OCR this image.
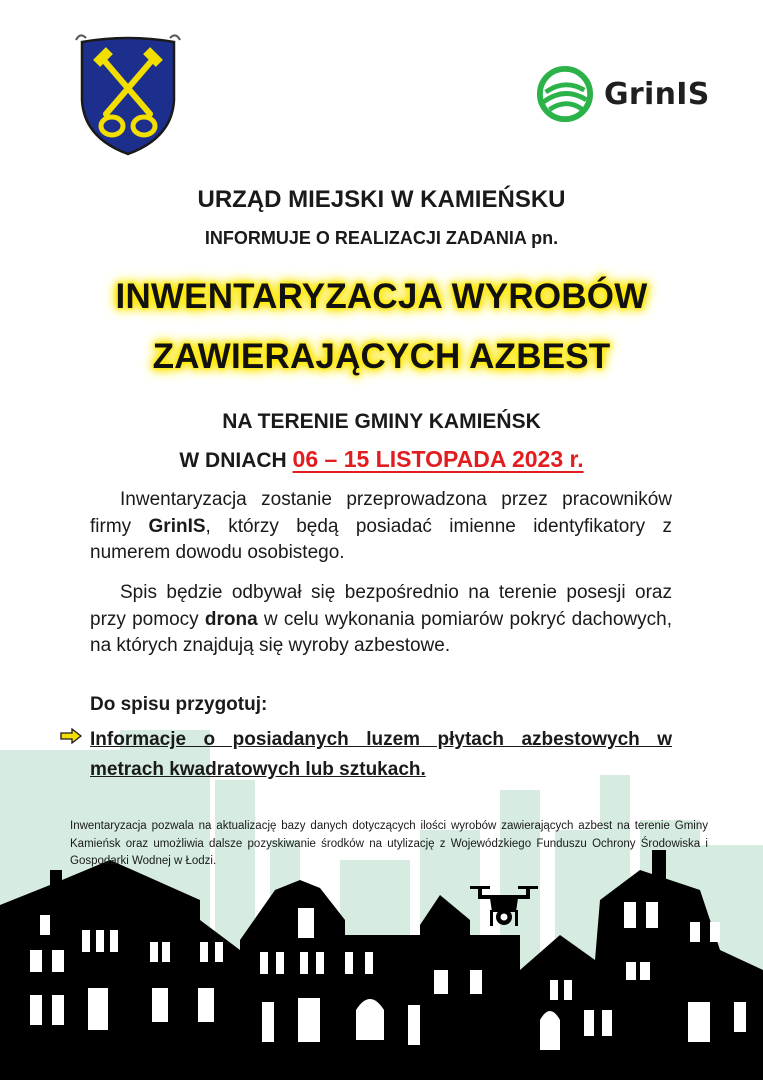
GrinIS
URZĄD MIEJSKI W KAMIEŃSKU
INFORMUJE O REALIZACJI ZADANIA pn.
INWENTARYZACJA WYROBÓW
ZAWIERAJĄCYCH AZBEST
NA TERENIE GMINY KAMIEŃSK
W DNIACH 06 – 15 LISTOPADA 2023 r.
Inwentaryzacja zostanie przeprowadzona przez pracowników firmy GrinIS, którzy będą posiadać imienne identyfikatory z numerem dowodu osobistego.
Spis będzie odbywał się bezpośrednio na terenie posesji oraz przy pomocy drona w celu wykonania pomiarów pokryć dachowych, na których znajdują się wyroby azbestowe.
Do spisu przygotuj:
Informacje o posiadanych luzem płytach azbestowych w metrach kwadratowych lub sztukach.
Inwentaryzacja pozwala na aktualizację bazy danych dotyczących ilości wyrobów zawierających azbest na terenie Gminy Kamieńsk oraz umożliwia dalsze pozyskiwanie środków na utylizację z Wojewódzkiego Funduszu Ochrony Środowiska i Gospodarki Wodnej w Łodzi.
